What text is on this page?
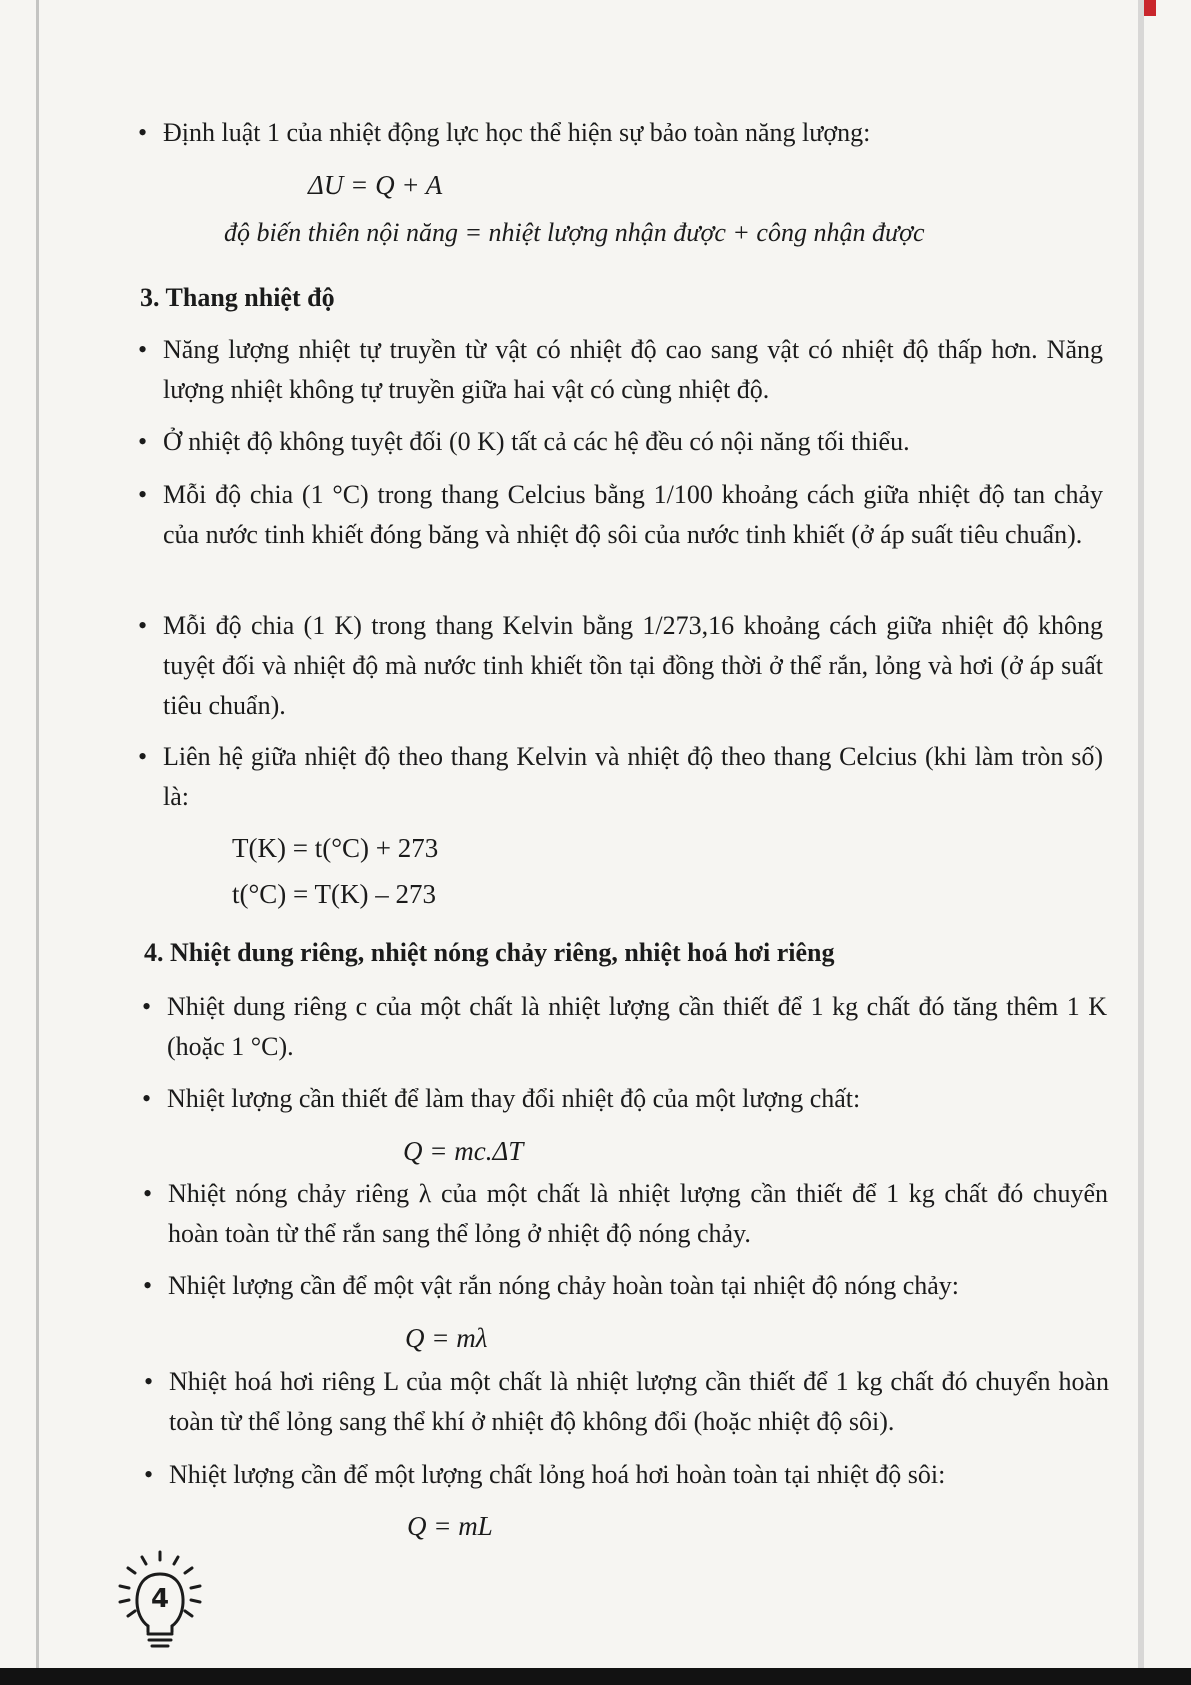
• Định luật 1 của nhiệt động lực học thể hiện sự bảo toàn năng lượng:
ΔU = Q + A
độ biến thiên nội năng = nhiệt lượng nhận được + công nhận được
3. Thang nhiệt độ
• Năng lượng nhiệt tự truyền từ vật có nhiệt độ cao sang vật có nhiệt độ thấp hơn. Năng lượng nhiệt không tự truyền giữa hai vật có cùng nhiệt độ.
• Ở nhiệt độ không tuyệt đối (0 K) tất cả các hệ đều có nội năng tối thiểu.
• Mỗi độ chia (1 °C) trong thang Celcius bằng 1/100 khoảng cách giữa nhiệt độ tan chảy của nước tinh khiết đóng băng và nhiệt độ sôi của nước tinh khiết (ở áp suất tiêu chuẩn).
• Mỗi độ chia (1 K) trong thang Kelvin bằng 1/273,16 khoảng cách giữa nhiệt độ không tuyệt đối và nhiệt độ mà nước tinh khiết tồn tại đồng thời ở thể rắn, lỏng và hơi (ở áp suất tiêu chuẩn).
• Liên hệ giữa nhiệt độ theo thang Kelvin và nhiệt độ theo thang Celcius (khi làm tròn số) là:
T(K) = t(°C) + 273
t(°C) = T(K) – 273
4. Nhiệt dung riêng, nhiệt nóng chảy riêng, nhiệt hoá hơi riêng
• Nhiệt dung riêng c của một chất là nhiệt lượng cần thiết để 1 kg chất đó tăng thêm 1 K (hoặc 1 °C).
• Nhiệt lượng cần thiết để làm thay đổi nhiệt độ của một lượng chất:
Q = mc.ΔT
• Nhiệt nóng chảy riêng λ của một chất là nhiệt lượng cần thiết để 1 kg chất đó chuyển hoàn toàn từ thể rắn sang thể lỏng ở nhiệt độ nóng chảy.
• Nhiệt lượng cần để một vật rắn nóng chảy hoàn toàn tại nhiệt độ nóng chảy:
Q = mλ
• Nhiệt hoá hơi riêng L của một chất là nhiệt lượng cần thiết để 1 kg chất đó chuyển hoàn toàn từ thể lỏng sang thể khí ở nhiệt độ không đổi (hoặc nhiệt độ sôi).
• Nhiệt lượng cần để một lượng chất lỏng hoá hơi hoàn toàn tại nhiệt độ sôi:
Q = mL
4
